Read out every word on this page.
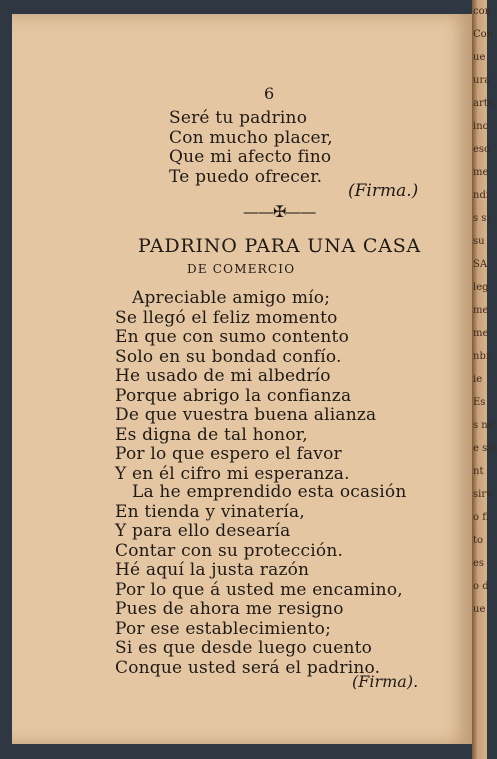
6
Seré tu padrino
Con mucho placer,
Que mi afecto fino
Te puedo ofrecer.
(Firma.)
——✠——
PADRINO PARA UNA CASA
DE COMERCIO
Apreciable amigo mío;
Se llegó el feliz momento
En que con sumo contento
Solo en su bondad confío.
He usado de mi albedrío
Porque abrigo la confianza
De que vuestra buena alianza
Es digna de tal honor,
Por lo que espero el favor
Y en él cifro mi esperanza.
La he emprendido esta ocasión
En tienda y vinatería,
Y para ello desearía
Contar con su protección.
Hé aquí la justa razón
Por lo que á usted me encamino,
Pues de ahora me resigno
Por ese establecimiento;
Si es que desde luego cuento
Conque usted será el padrino.
(Firma).
con
Con
ue
ura
arte
ino
eso
me
ndi
s si
su
SA
leg
me
me
nbr
ie
Es
s no
e sin
nt
sirv
o fi
to
es
o d
ue
